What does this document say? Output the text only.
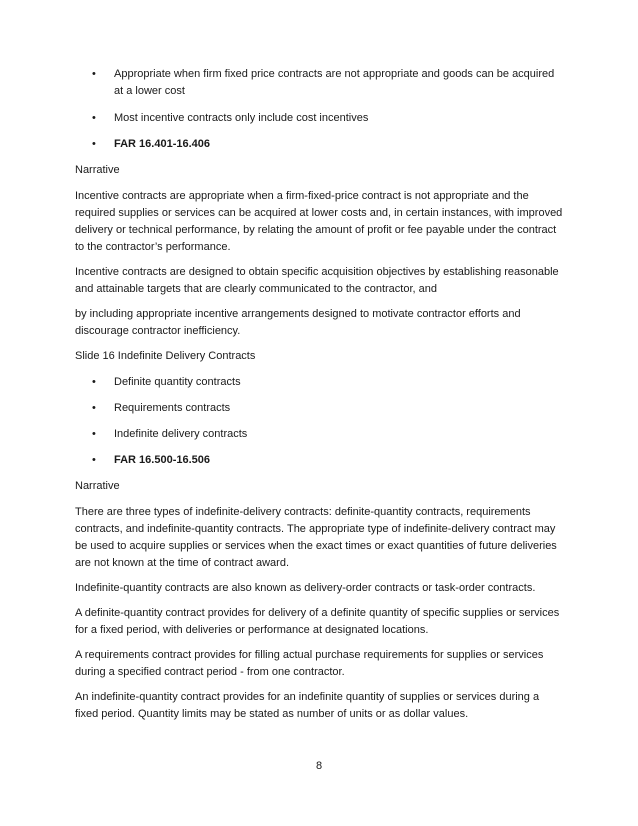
• Appropriate when firm fixed price contracts are not appropriate and goods can be acquired at a lower cost
• Most incentive contracts only include cost incentives
• FAR 16.401-16.406

Narrative

Incentive contracts are appropriate when a firm-fixed-price contract is not appropriate and the required supplies or services can be acquired at lower costs and, in certain instances, with improved delivery or technical performance, by relating the amount of profit or fee payable under the contract to the contractor’s performance.

Incentive contracts are designed to obtain specific acquisition objectives by establishing reasonable and attainable targets that are clearly communicated to the contractor, and

by including appropriate incentive arrangements designed to motivate contractor efforts and discourage contractor inefficiency.

Slide 16 Indefinite Delivery Contracts

• Definite quantity contracts
• Requirements contracts
• Indefinite delivery contracts
• FAR 16.500-16.506

Narrative

There are three types of indefinite-delivery contracts: definite-quantity contracts, requirements contracts, and indefinite-quantity contracts. The appropriate type of indefinite-delivery contract may be used to acquire supplies or services when the exact times or exact quantities of future deliveries are not known at the time of contract award.

Indefinite-quantity contracts are also known as delivery-order contracts or task-order contracts.

A definite-quantity contract provides for delivery of a definite quantity of specific supplies or services for a fixed period, with deliveries or performance at designated locations.

A requirements contract provides for filling actual purchase requirements for supplies or services during a specified contract period - from one contractor.

An indefinite-quantity contract provides for an indefinite quantity of supplies or services during a fixed period. Quantity limits may be stated as number of units or as dollar values.

8
